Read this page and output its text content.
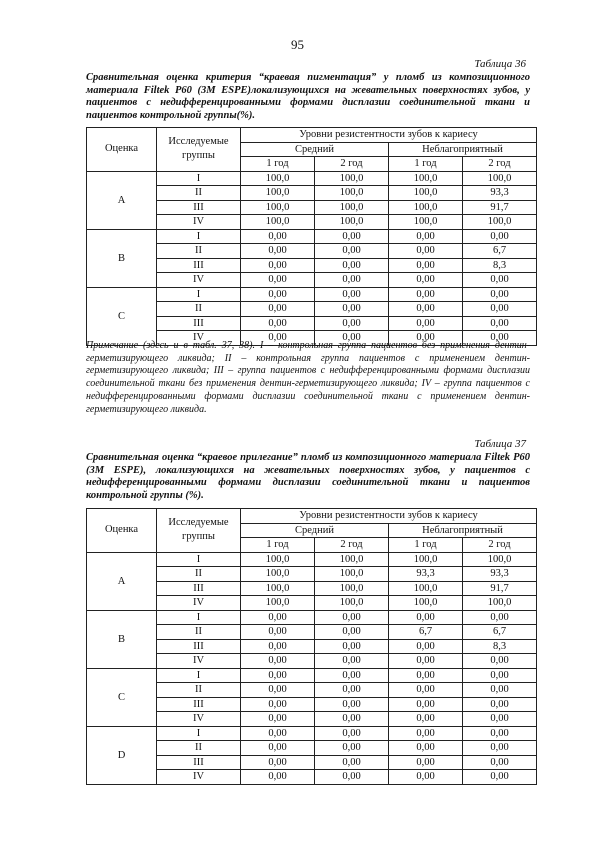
95
Таблица 36
Сравнительная оценка критерия “краевая пигментация” у пломб из композиционного материала Filtek P60 (3M ESPE)локализующихся на жевательных поверхностях зубов, у пациентов с недифференцированными формами дисплазии соединительной ткани и пациентов контрольной группы(%).
Оценка	Исследуемые группы	Уровни резистентности зубов к кариесу			
		Средний		Неблагоприятный	
		1 год	2 год	1 год	2 год
A	I	100,0	100,0	100,0	100,0
	II	100,0	100,0	100,0	93,3
	III	100,0	100,0	100,0	91,7
	IV	100,0	100,0	100,0	100,0
B	I	0,00	0,00	0,00	0,00
	II	0,00	0,00	0,00	6,7
	III	0,00	0,00	0,00	8,3
	IV	0,00	0,00	0,00	0,00
C	I	0,00	0,00	0,00	0,00
	II	0,00	0,00	0,00	0,00
	III	0,00	0,00	0,00	0,00
	IV	0,00	0,00	0,00	0,00
Примечание (здесь и в табл. 37, 38). I – контрольная группа пациентов без применения дентин-герметизирующего ликвида; II – контрольная группа пациентов с применением дентин-герметизирующего ликвида; III – группа пациентов с недифференцированными формами дисплазии соединительной ткани без применения дентин-герметизирующего ликвида; IV – группа пациентов с недифференцированными формами дисплазии соединительной ткани с применением дентин-герметизирующего ликвида.
Таблица 37
Сравнительная оценка “краевое прилегание” пломб из композиционного материала Filtek P60 (3M ESPE), локализующихся на жевательных поверхностях зубов, у пациентов с недифференцированными формами дисплазии соединительной ткани и пациентов контрольной группы (%).
Оценка	Исследуемые группы	Уровни резистентности зубов к кариесу			
		Средний		Неблагоприятный	
		1 год	2 год	1 год	2 год
A	I	100,0	100,0	100,0	100,0
	II	100,0	100,0	93,3	93,3
	III	100,0	100,0	100,0	91,7
	IV	100,0	100,0	100,0	100,0
B	I	0,00	0,00	0,00	0,00
	II	0,00	0,00	6,7	6,7
	III	0,00	0,00	0,00	8,3
	IV	0,00	0,00	0,00	0,00
C	I	0,00	0,00	0,00	0,00
	II	0,00	0,00	0,00	0,00
	III	0,00	0,00	0,00	0,00
	IV	0,00	0,00	0,00	0,00
D	I	0,00	0,00	0,00	0,00
	II	0,00	0,00	0,00	0,00
	III	0,00	0,00	0,00	0,00
	IV	0,00	0,00	0,00	0,00
